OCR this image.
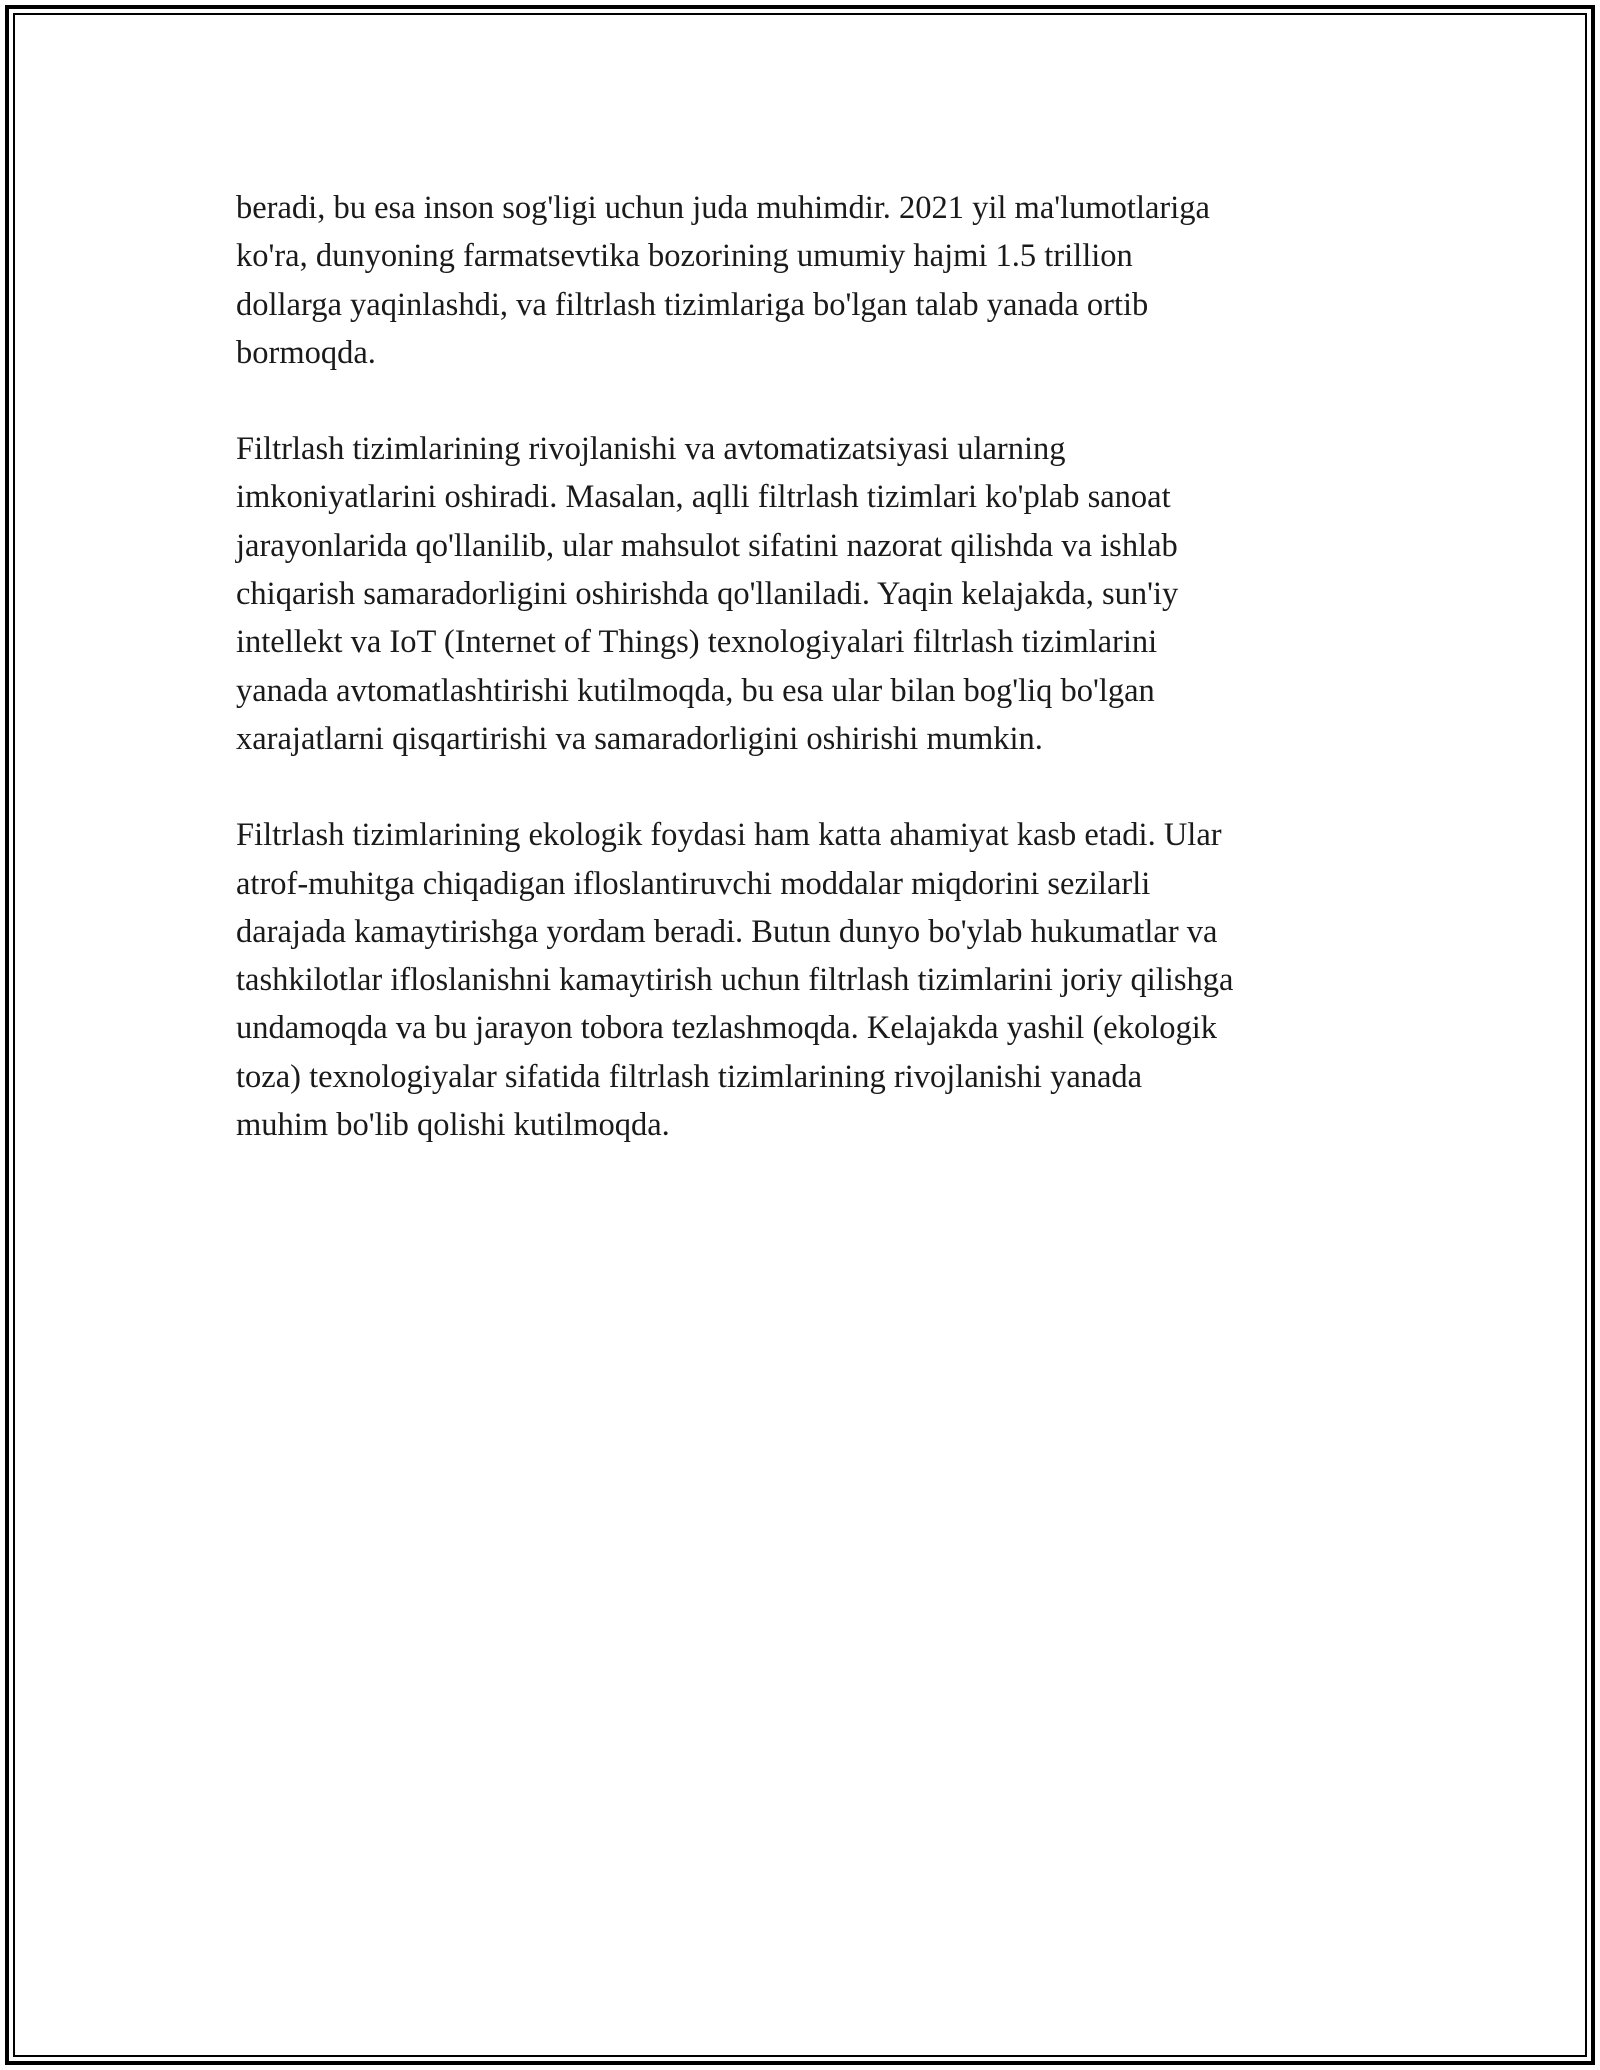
beradi, bu esa inson sog'ligi uchun juda muhimdir. 2021 yil ma'lumotlariga
ko'ra, dunyoning farmatsevtika bozorining umumiy hajmi 1.5 trillion
dollarga yaqinlashdi, va filtrlash tizimlariga bo'lgan talab yanada ortib
bormoqda.

Filtrlash tizimlarining rivojlanishi va avtomatizatsiyasi ularning
imkoniyatlarini oshiradi. Masalan, aqlli filtrlash tizimlari ko'plab sanoat
jarayonlarida qo'llanilib, ular mahsulot sifatini nazorat qilishda va ishlab
chiqarish samaradorligini oshirishda qo'llaniladi. Yaqin kelajakda, sun'iy
intellekt va IoT (Internet of Things) texnologiyalari filtrlash tizimlarini
yanada avtomatlashtirishi kutilmoqda, bu esa ular bilan bog'liq bo'lgan
xarajatlarni qisqartirishi va samaradorligini oshirishi mumkin.

Filtrlash tizimlarining ekologik foydasi ham katta ahamiyat kasb etadi. Ular
atrof-muhitga chiqadigan ifloslantiruvchi moddalar miqdorini sezilarli
darajada kamaytirishga yordam beradi. Butun dunyo bo'ylab hukumatlar va
tashkilotlar ifloslanishni kamaytirish uchun filtrlash tizimlarini joriy qilishga
undamoqda va bu jarayon tobora tezlashmoqda. Kelajakda yashil (ekologik
toza) texnologiyalar sifatida filtrlash tizimlarining rivojlanishi yanada
muhim bo'lib qolishi kutilmoqda.
